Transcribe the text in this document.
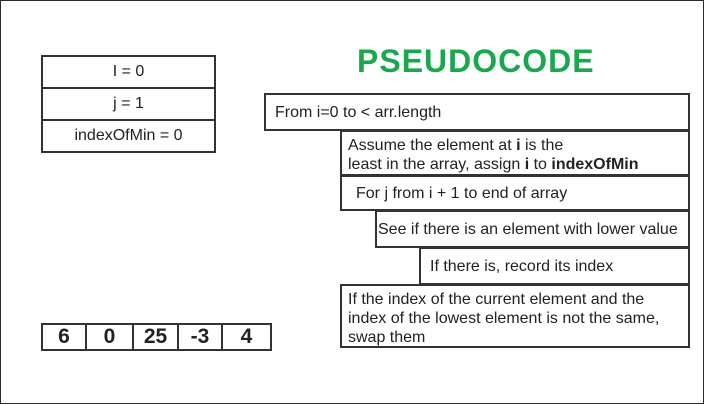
I = 0
j = 1
indexOfMin = 0
PSEUDOCODE
From i=0 to < arr.length
Assume the element at i is the
least in the array, assign i to indexOfMin
For j from i + 1 to end of array
See if there is an element with lower value
If there is, record its index
If the index of the current element and the
index of the lowest element is not the same,
swap them
6	0	25	-3	4
